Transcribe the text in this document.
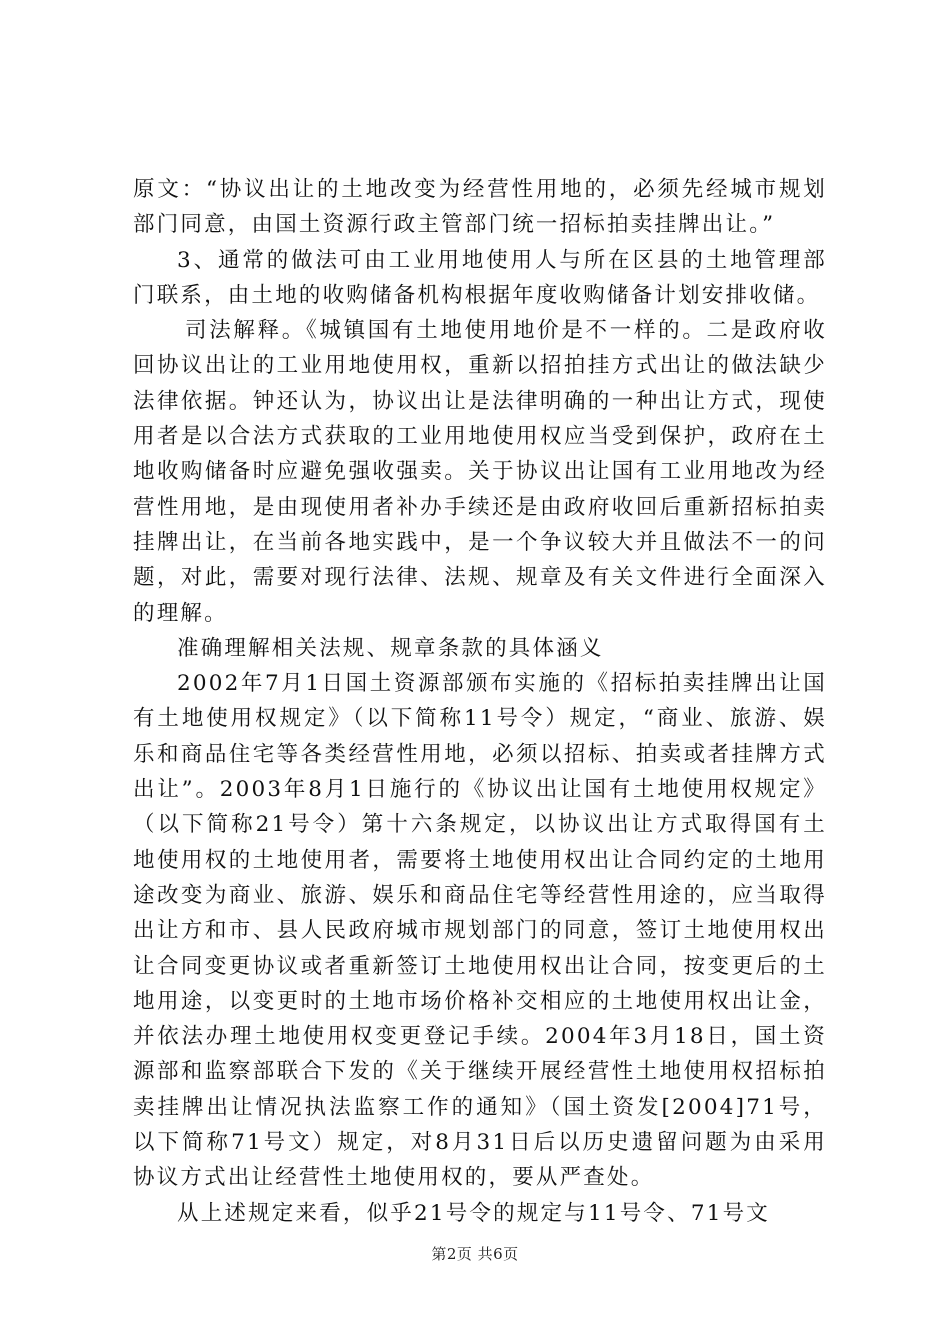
原文：“协议出让的土地改变为经营性用地的，必须先经城市规划部门同意，由国土资源行政主管部门统一招标拍卖挂牌出让。”

3、通常的做法可由工业用地使用人与所在区县的土地管理部门联系，由土地的收购储备机构根据年度收购储备计划安排收储。

司法解释。《城镇国有土地使用地价是不一样的。二是政府收回协议出让的工业用地使用权，重新以招拍挂方式出让的做法缺少法律依据。钟还认为，协议出让是法律明确的一种出让方式，现使用者是以合法方式获取的工业用地使用权应当受到保护，政府在土地收购储备时应避免强收强卖。关于协议出让国有工业用地改为经营性用地，是由现使用者补办手续还是由政府收回后重新招标拍卖挂牌出让，在当前各地实践中，是一个争议较大并且做法不一的问题，对此，需要对现行法律、法规、规章及有关文件进行全面深入的理解。

准确理解相关法规、规章条款的具体涵义

2002年7月1日国土资源部颁布实施的《招标拍卖挂牌出让国有土地使用权规定》（以下简称11号令）规定，“商业、旅游、娱乐和商品住宅等各类经营性用地，必须以招标、拍卖或者挂牌方式出让”。2003年8月1日施行的《协议出让国有土地使用权规定》（以下简称21号令）第十六条规定，以协议出让方式取得国有土地使用权的土地使用者，需要将土地使用权出让合同约定的土地用途改变为商业、旅游、娱乐和商品住宅等经营性用途的，应当取得出让方和市、县人民政府城市规划部门的同意，签订土地使用权出让合同变更协议或者重新签订土地使用权出让合同，按变更后的土地用途，以变更时的土地市场价格补交相应的土地使用权出让金，并依法办理土地使用权变更登记手续。2004年3月18日，国土资源部和监察部联合下发的《关于继续开展经营性土地使用权招标拍卖挂牌出让情况执法监察工作的通知》（国土资发[2004]71号，以下简称71号文）规定，对8月31日后以历史遗留问题为由采用协议方式出让经营性土地使用权的，要从严查处。

从上述规定来看，似乎21号令的规定与11号令、71号文

第2页 共6页
